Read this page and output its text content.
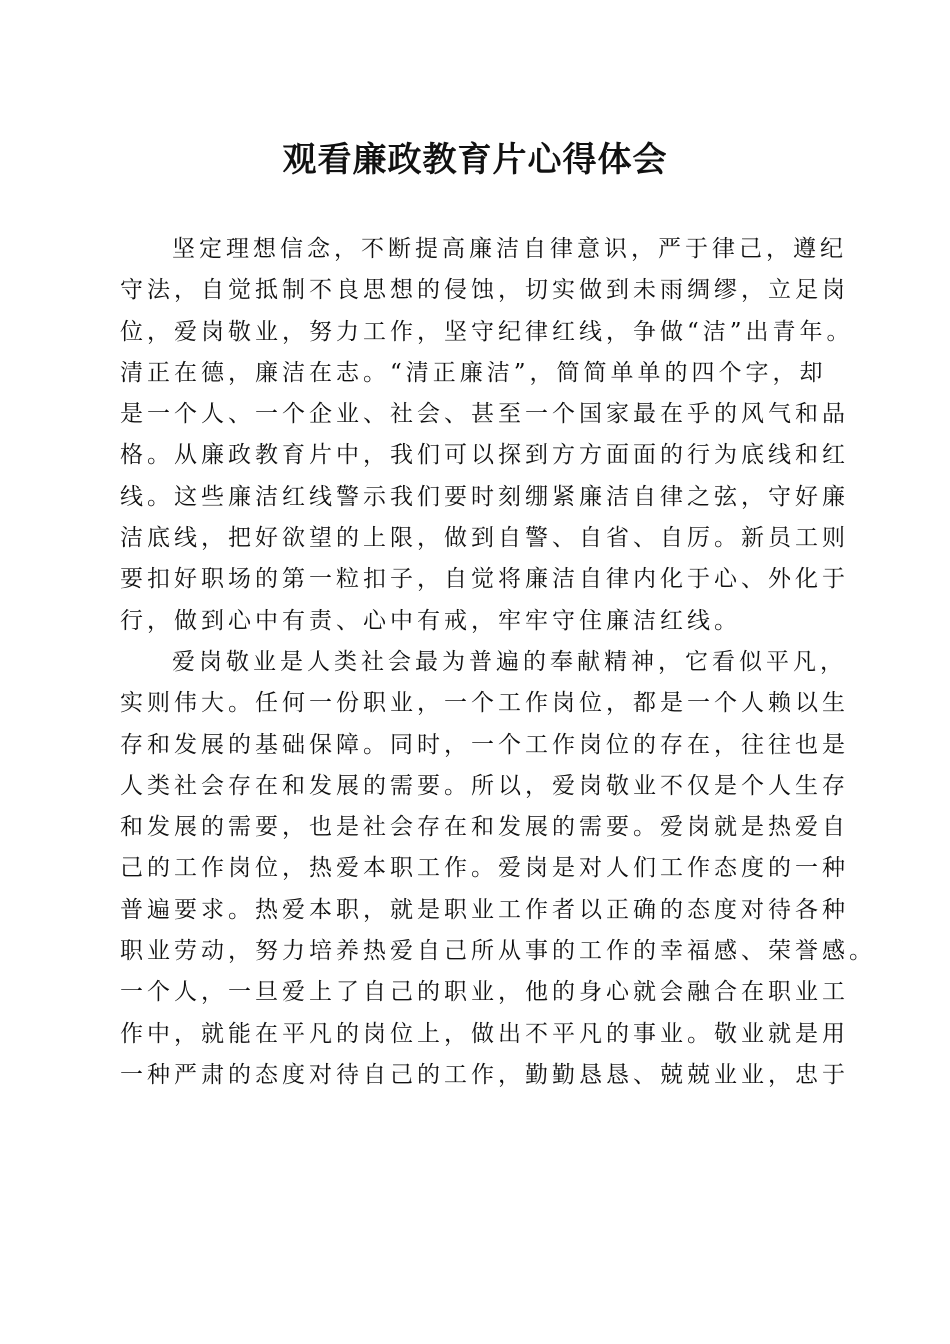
观看廉政教育片心得体会
坚定理想信念，不断提高廉洁自律意识，严于律己，遵纪
守法，自觉抵制不良思想的侵蚀，切实做到未雨绸缪，立足岗
位，爱岗敬业，努力工作，坚守纪律红线，争做“洁”出青年。
清正在德，廉洁在志。“清正廉洁”，简简单单的四个字，却
是一个人、一个企业、社会、甚至一个国家最在乎的风气和品
格。从廉政教育片中，我们可以探到方方面面的行为底线和红
线。这些廉洁红线警示我们要时刻绷紧廉洁自律之弦，守好廉
洁底线，把好欲望的上限，做到自警、自省、自厉。新员工则
要扣好职场的第一粒扣子，自觉将廉洁自律内化于心、外化于
行，做到心中有责、心中有戒，牢牢守住廉洁红线。
爱岗敬业是人类社会最为普遍的奉献精神，它看似平凡，
实则伟大。任何一份职业，一个工作岗位，都是一个人赖以生
存和发展的基础保障。同时，一个工作岗位的存在，往往也是
人类社会存在和发展的需要。所以，爱岗敬业不仅是个人生存
和发展的需要，也是社会存在和发展的需要。爱岗就是热爱自
己的工作岗位，热爱本职工作。爱岗是对人们工作态度的一种
普遍要求。热爱本职，就是职业工作者以正确的态度对待各种
职业劳动，努力培养热爱自己所从事的工作的幸福感、荣誉感。
一个人，一旦爱上了自己的职业，他的身心就会融合在职业工
作中，就能在平凡的岗位上，做出不平凡的事业。敬业就是用
一种严肃的态度对待自己的工作，勤勤恳恳、兢兢业业，忠于
